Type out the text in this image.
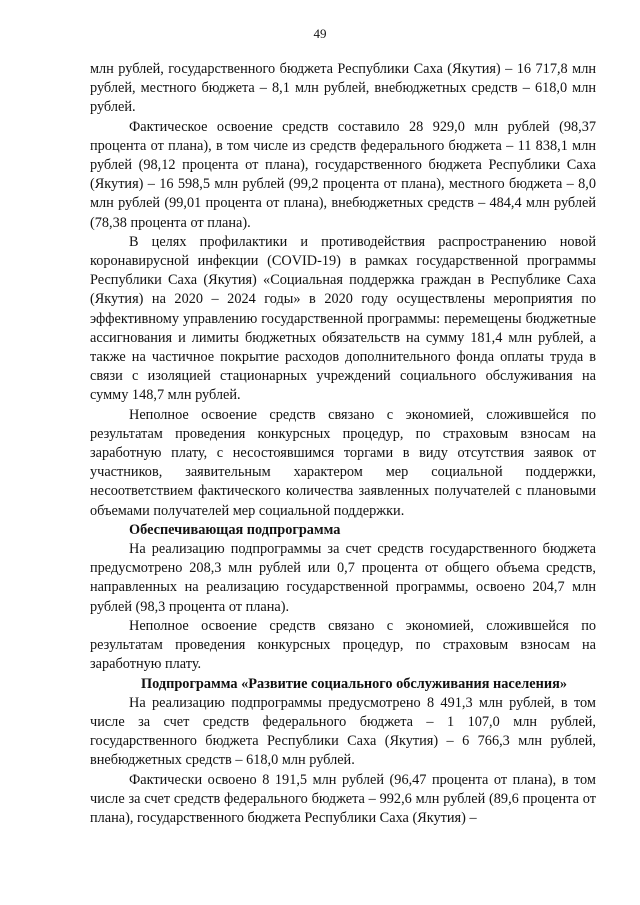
49

млн рублей, государственного бюджета Республики Саха (Якутия) – 16 717,8 млн рублей, местного бюджета – 8,1 млн рублей, внебюджетных средств – 618,0 млн рублей.

Фактическое освоение средств составило 28 929,0 млн рублей (98,37 процента от плана), в том числе из средств федерального бюджета – 11 838,1 млн рублей (98,12 процента от плана), государственного бюджета Республики Саха (Якутия) – 16 598,5 млн рублей (99,2 процента от плана), местного бюджета – 8,0 млн рублей (99,01 процента от плана), внебюджетных средств – 484,4 млн рублей (78,38 процента от плана).

В целях профилактики и противодействия распространению новой коронавирусной инфекции (COVID-19) в рамках государственной программы Республики Саха (Якутия) «Социальная поддержка граждан в Республике Саха (Якутия) на 2020 – 2024 годы» в 2020 году осуществлены мероприятия по эффективному управлению государственной программы: перемещены бюджетные ассигнования и лимиты бюджетных обязательств на сумму 181,4 млн рублей, а также на частичное покрытие расходов дополнительного фонда оплаты труда в связи с изоляцией стационарных учреждений социального обслуживания на сумму 148,7 млн рублей.

Неполное освоение средств связано с экономией, сложившейся по результатам проведения конкурсных процедур, по страховым взносам на заработную плату, с несостоявшимся торгами в виду отсутствия заявок от участников, заявительным характером мер социальной поддержки, несоответствием фактического количества заявленных получателей с плановыми объемами получателей мер социальной поддержки.

Обеспечивающая подпрограмма

На реализацию подпрограммы за счет средств государственного бюджета предусмотрено 208,3 млн рублей или 0,7 процента от общего объема средств, направленных на реализацию государственной программы, освоено 204,7 млн рублей (98,3 процента от плана).

Неполное освоение средств связано с экономией, сложившейся по результатам проведения конкурсных процедур, по страховым взносам на заработную плату.

Подпрограмма «Развитие социального обслуживания населения»

На реализацию подпрограммы предусмотрено 8 491,3 млн рублей, в том числе за счет средств федерального бюджета – 1 107,0 млн рублей, государственного бюджета Республики Саха (Якутия) – 6 766,3 млн рублей, внебюджетных средств – 618,0 млн рублей.

Фактически освоено 8 191,5 млн рублей (96,47 процента от плана), в том числе за счет средств федерального бюджета – 992,6 млн рублей (89,6 процента от плана), государственного бюджета Республики Саха (Якутия) –
